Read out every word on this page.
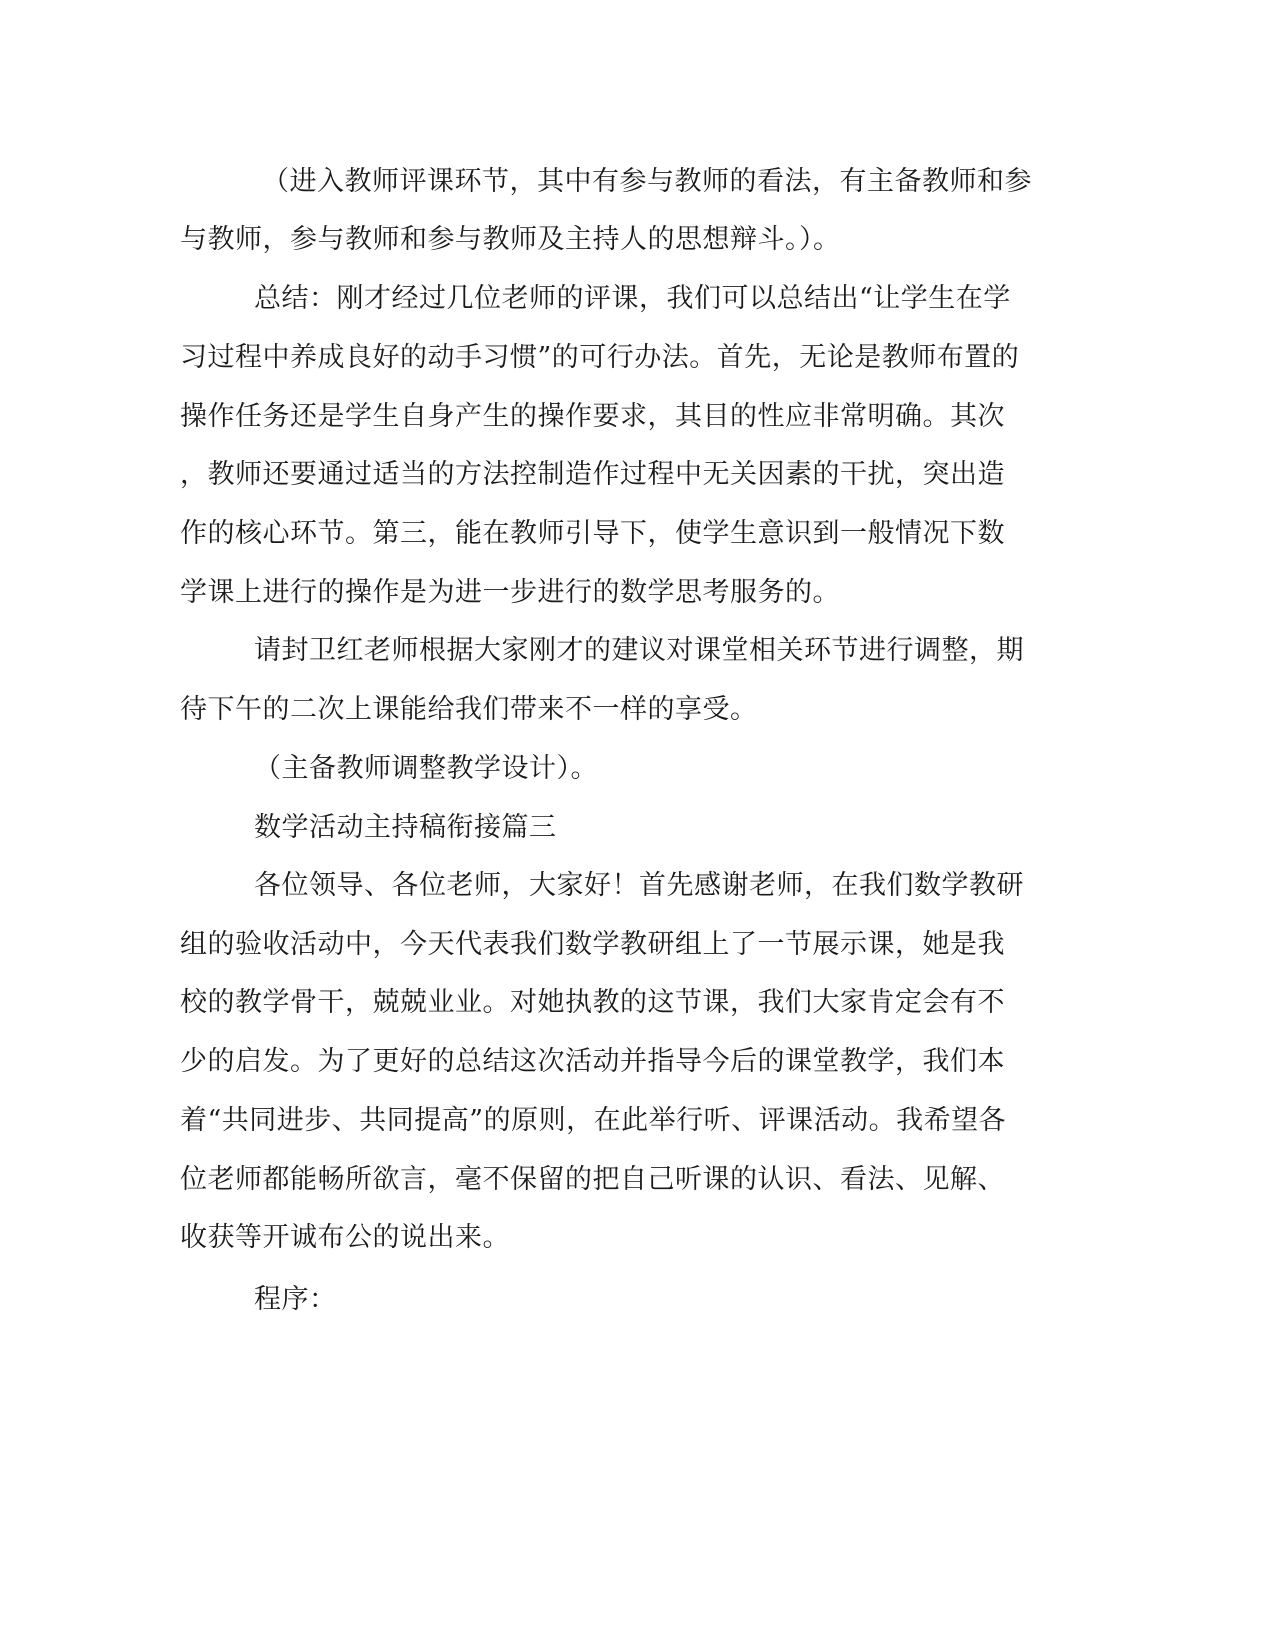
（进入教师评课环节，其中有参与教师的看法，有主备教师和参
与教师，参与教师和参与教师及主持人的思想辩斗。）。
总结：刚才经过几位老师的评课，我们可以总结出“让学生在学
习过程中养成良好的动手习惯”的可行办法。首先，无论是教师布置的
操作任务还是学生自身产生的操作要求，其目的性应非常明确。其次
，教师还要通过适当的方法控制造作过程中无关因素的干扰，突出造
作的核心环节。第三，能在教师引导下，使学生意识到一般情况下数
学课上进行的操作是为进一步进行的数学思考服务的。
请封卫红老师根据大家刚才的建议对课堂相关环节进行调整，期
待下午的二次上课能给我们带来不一样的享受。
（主备教师调整教学设计）。
数学活动主持稿衔接篇三
各位领导、各位老师，大家好！首先感谢老师，在我们数学教研
组的验收活动中，今天代表我们数学教研组上了一节展示课，她是我
校的教学骨干，兢兢业业。对她执教的这节课，我们大家肯定会有不
少的启发。为了更好的总结这次活动并指导今后的课堂教学，我们本
着“共同进步、共同提高”的原则，在此举行听、评课活动。我希望各
位老师都能畅所欲言，毫不保留的把自己听课的认识、看法、见解、
收获等开诚布公的说出来。
程序：
